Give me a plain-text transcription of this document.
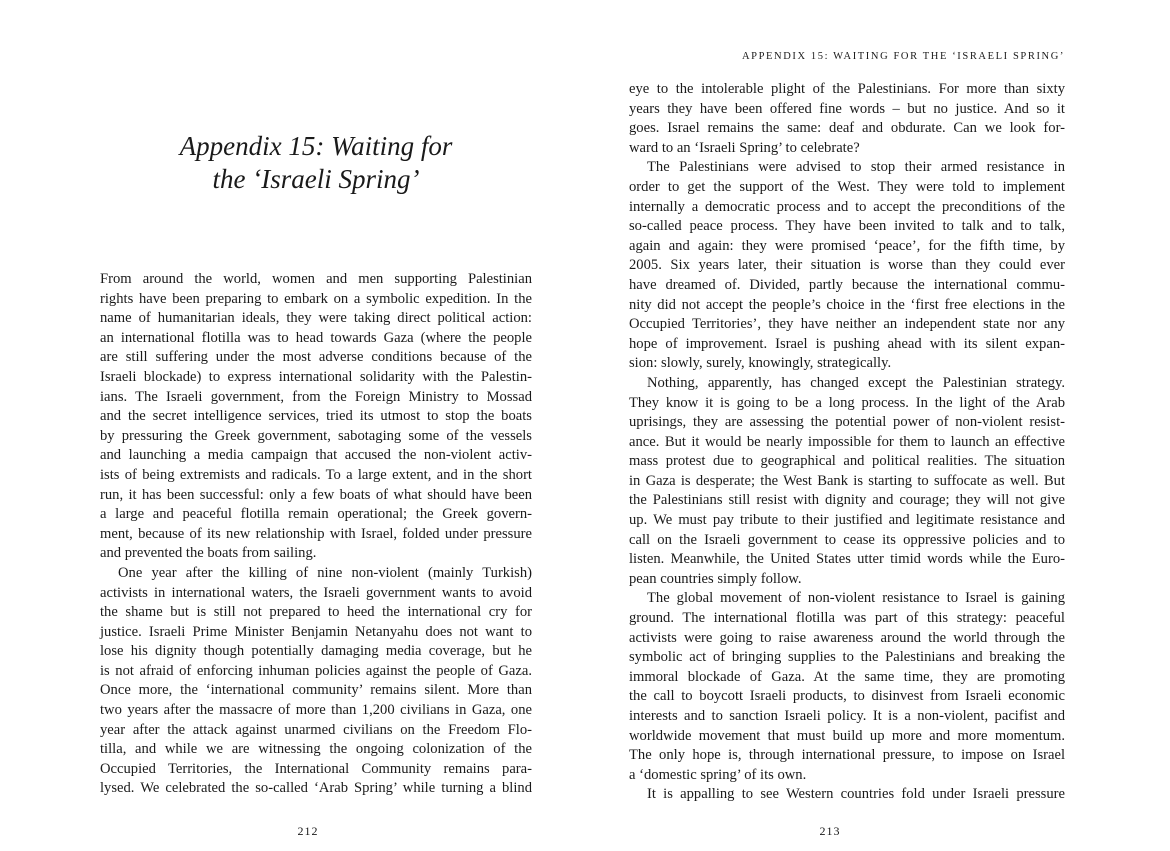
Appendix 15: Waiting for
the ‘Israeli Spring’
From around the world, women and men supporting Palestinian
rights have been preparing to embark on a symbolic expedition. In the
name of humanitarian ideals, they were taking direct political action:
an international flotilla was to head towards Gaza (where the people
are still suffering under the most adverse conditions because of the
Israeli blockade) to express international solidarity with the Palestin-
ians. The Israeli government, from the Foreign Ministry to Mossad
and the secret intelligence services, tried its utmost to stop the boats
by pressuring the Greek government, sabotaging some of the vessels
and launching a media campaign that accused the non-violent activ-
ists of being extremists and radicals. To a large extent, and in the short
run, it has been successful: only a few boats of what should have been
a large and peaceful flotilla remain operational; the Greek govern-
ment, because of its new relationship with Israel, folded under pressure
and prevented the boats from sailing.
One year after the killing of nine non-violent (mainly Turkish)
activists in international waters, the Israeli government wants to avoid
the shame but is still not prepared to heed the international cry for
justice. Israeli Prime Minister Benjamin Netanyahu does not want to
lose his dignity though potentially damaging media coverage, but he
is not afraid of enforcing inhuman policies against the people of Gaza.
Once more, the ‘international community’ remains silent. More than
two years after the massacre of more than 1,200 civilians in Gaza, one
year after the attack against unarmed civilians on the Freedom Flo-
tilla, and while we are witnessing the ongoing colonization of the
Occupied Territories, the International Community remains para-
lysed. We celebrated the so-called ‘Arab Spring’ while turning a blind
212
APPENDIX 15: WAITING FOR THE ‘ISRAELI SPRING’
eye to the intolerable plight of the Palestinians. For more than sixty
years they have been offered fine words – but no justice. And so it
goes. Israel remains the same: deaf and obdurate. Can we look for-
ward to an ‘Israeli Spring’ to celebrate?
The Palestinians were advised to stop their armed resistance in
order to get the support of the West. They were told to implement
internally a democratic process and to accept the preconditions of the
so-called peace process. They have been invited to talk and to talk,
again and again: they were promised ‘peace’, for the fifth time, by
2005. Six years later, their situation is worse than they could ever
have dreamed of. Divided, partly because the international commu-
nity did not accept the people’s choice in the ‘first free elections in the
Occupied Territories’, they have neither an independent state nor any
hope of improvement. Israel is pushing ahead with its silent expan-
sion: slowly, surely, knowingly, strategically.
Nothing, apparently, has changed except the Palestinian strategy.
They know it is going to be a long process. In the light of the Arab
uprisings, they are assessing the potential power of non-violent resist-
ance. But it would be nearly impossible for them to launch an effective
mass protest due to geographical and political realities. The situation
in Gaza is desperate; the West Bank is starting to suffocate as well. But
the Palestinians still resist with dignity and courage; they will not give
up. We must pay tribute to their justified and legitimate resistance and
call on the Israeli government to cease its oppressive policies and to
listen. Meanwhile, the United States utter timid words while the Euro-
pean countries simply follow.
The global movement of non-violent resistance to Israel is gaining
ground. The international flotilla was part of this strategy: peaceful
activists were going to raise awareness around the world through the
symbolic act of bringing supplies to the Palestinians and breaking the
immoral blockade of Gaza. At the same time, they are promoting
the call to boycott Israeli products, to disinvest from Israeli economic
interests and to sanction Israeli policy. It is a non-violent, pacifist and
worldwide movement that must build up more and more momentum.
The only hope is, through international pressure, to impose on Israel
a ‘domestic spring’ of its own.
It is appalling to see Western countries fold under Israeli pressure
213
